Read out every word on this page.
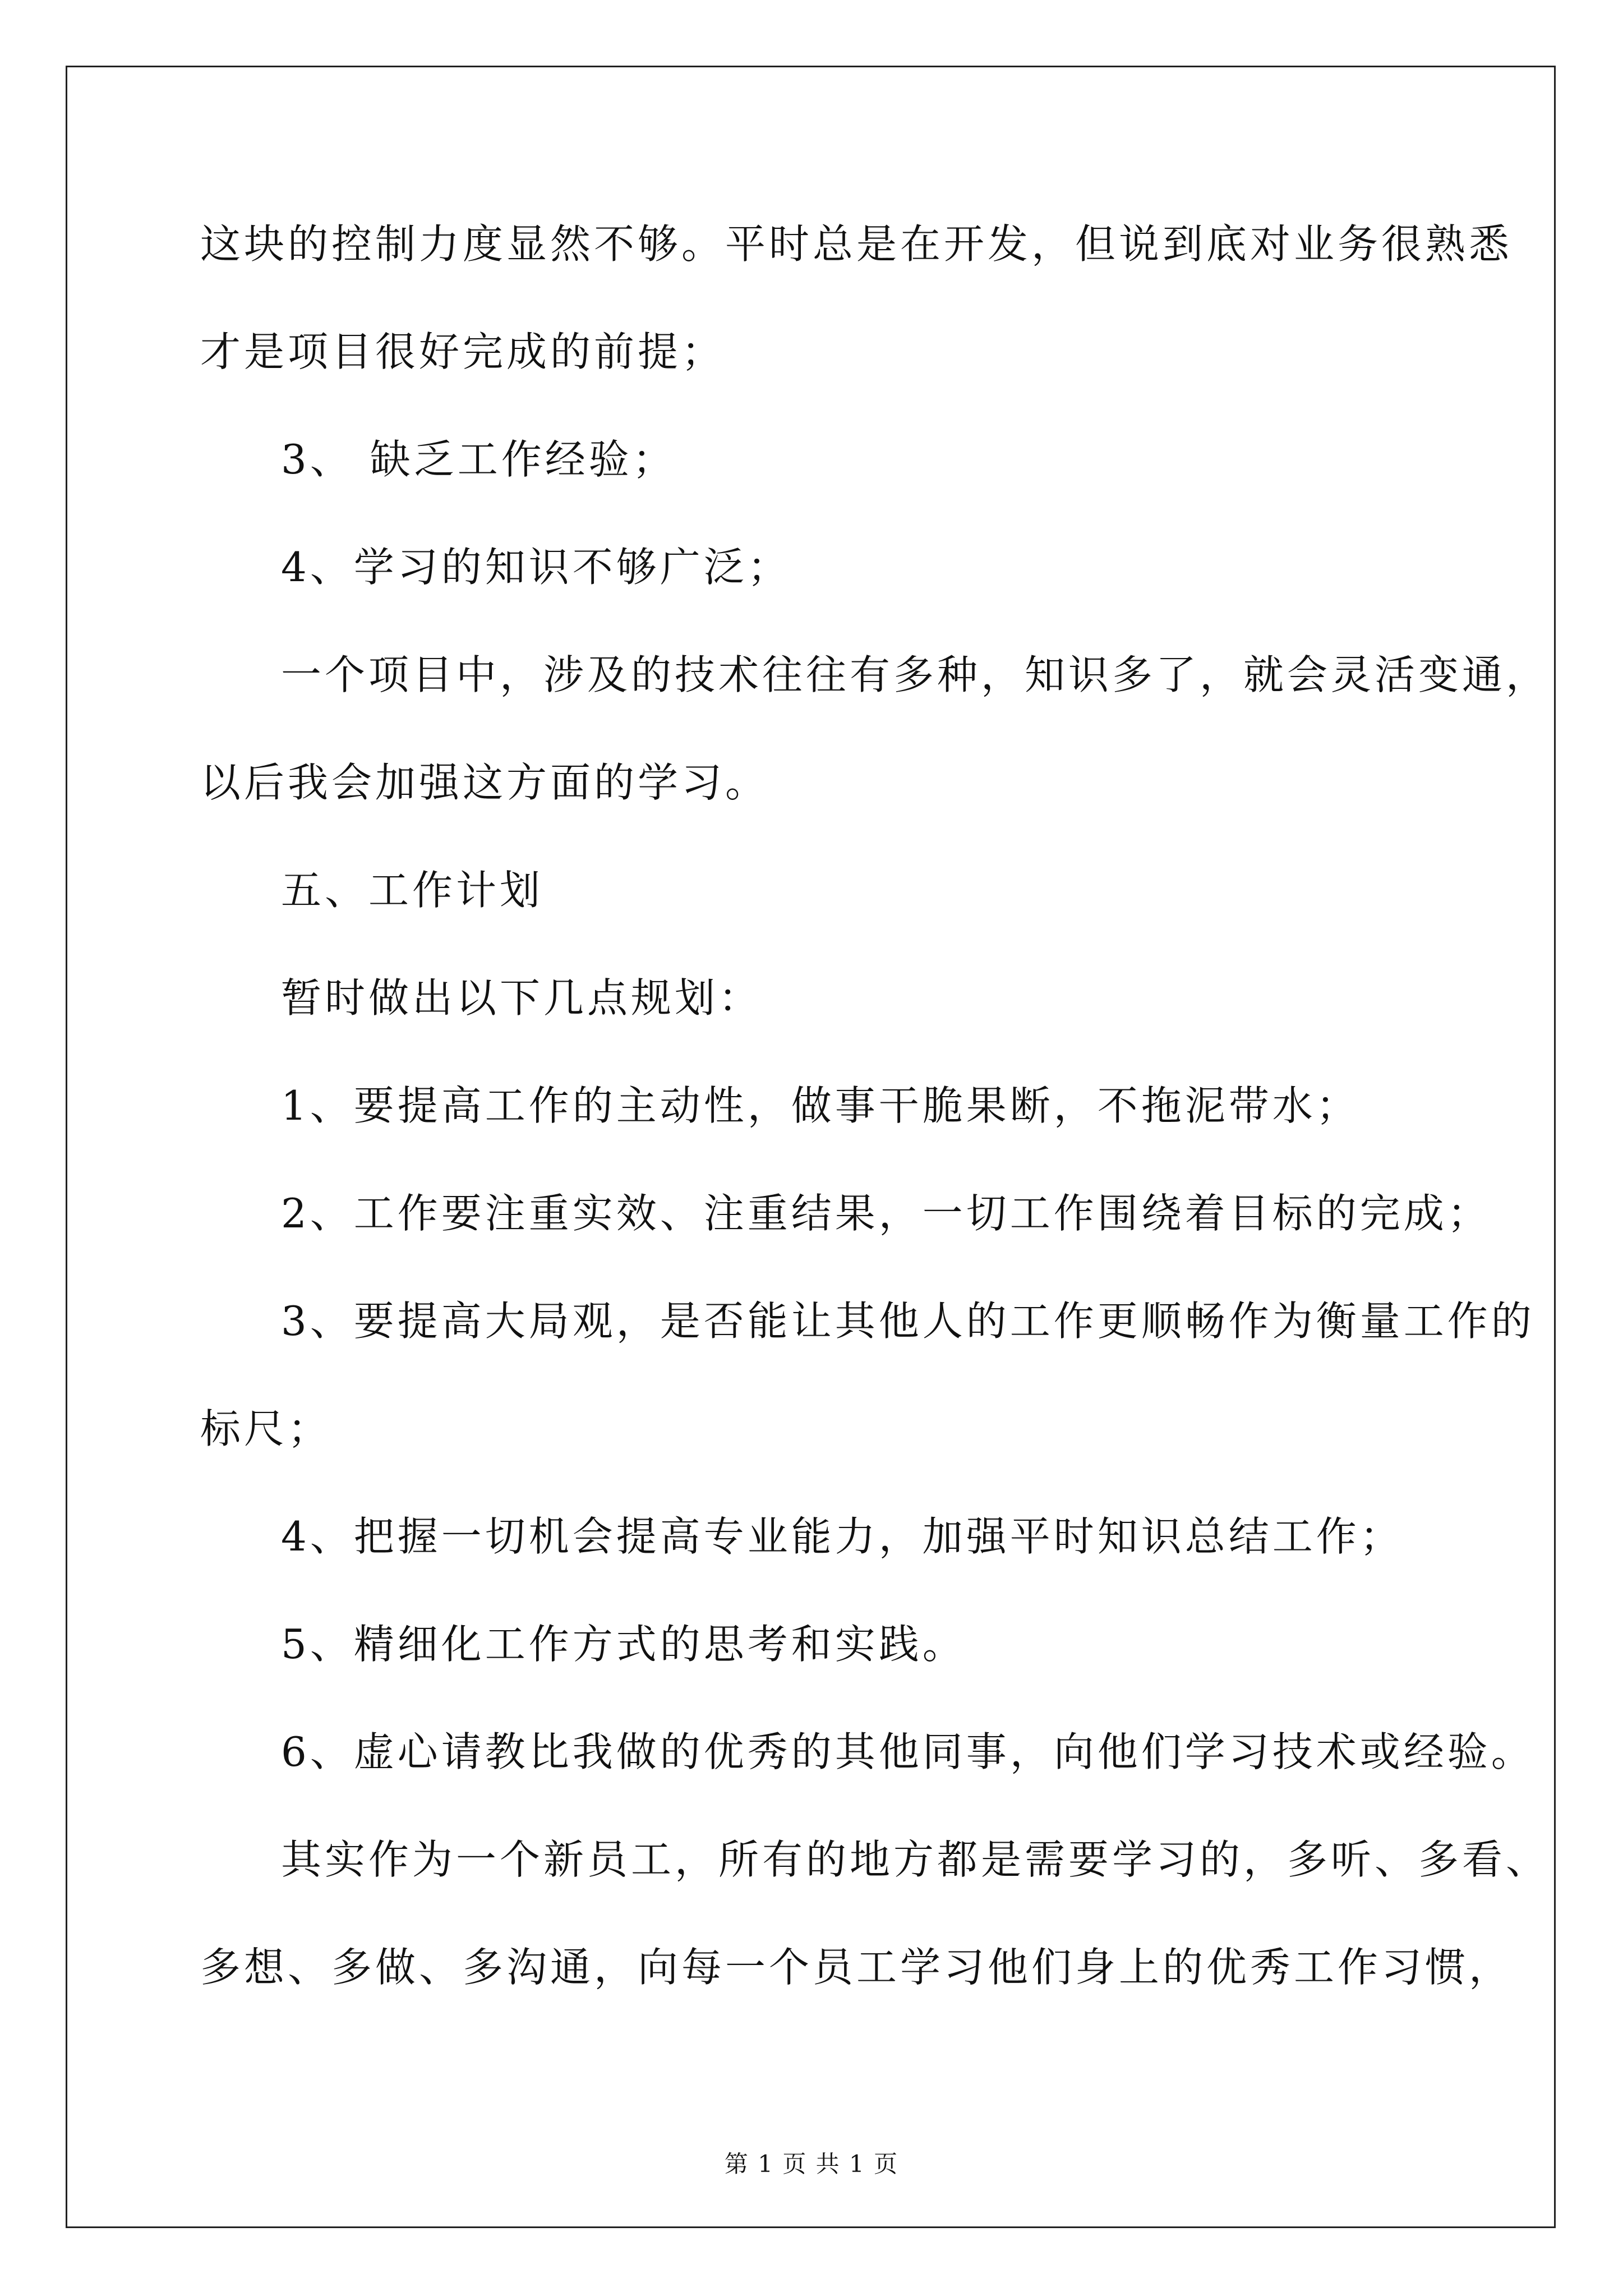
这块的控制力度显然不够。平时总是在开发，但说到底对业务很熟悉
才是项目很好完成的前提；
3、 缺乏工作经验；
4、学习的知识不够广泛；
一个项目中，涉及的技术往往有多种，知识多了，就会灵活变通，
以后我会加强这方面的学习。
五、工作计划
暂时做出以下几点规划：
1、要提高工作的主动性，做事干脆果断，不拖泥带水；
2、工作要注重实效、注重结果，一切工作围绕着目标的完成；
3、要提高大局观，是否能让其他人的工作更顺畅作为衡量工作的
标尺；
4、把握一切机会提高专业能力，加强平时知识总结工作；
5、精细化工作方式的思考和实践。
6、虚心请教比我做的优秀的其他同事，向他们学习技术或经验。
其实作为一个新员工，所有的地方都是需要学习的，多听、多看、
多想、多做、多沟通，向每一个员工学习他们身上的优秀工作习惯，
第 1 页 共 1 页
